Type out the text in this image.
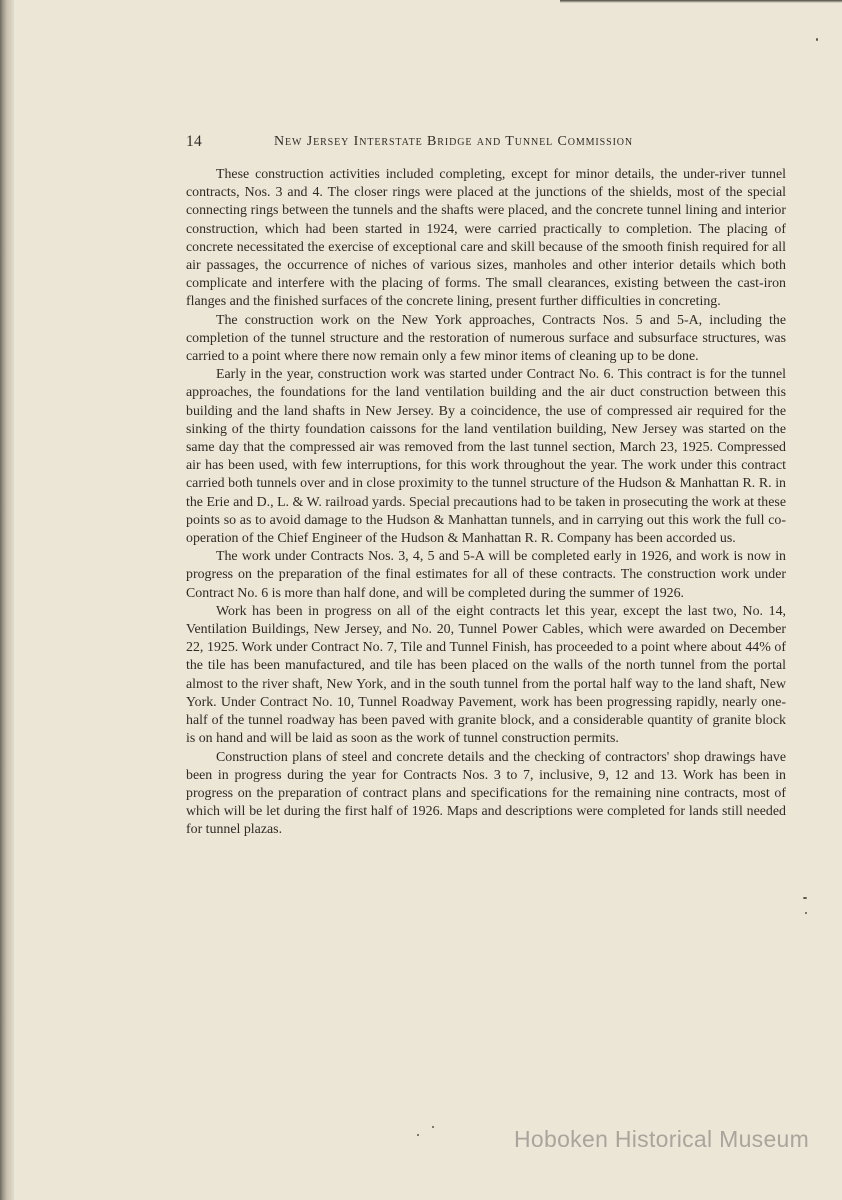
14	New Jersey Interstate Bridge and Tunnel Commission

These construction activities included completing, except for minor details, the under-river tunnel contracts, Nos. 3 and 4. The closer rings were placed at the junctions of the shields, most of the special connecting rings between the tunnels and the shafts were placed, and the concrete tunnel lining and interior construction, which had been started in 1924, were carried practically to completion. The placing of concrete necessitated the exercise of exceptional care and skill because of the smooth finish required for all air passages, the occurrence of niches of various sizes, manholes and other interior details which both complicate and interfere with the placing of forms. The small clearances, existing between the cast-iron flanges and the finished surfaces of the concrete lining, present further difficulties in concreting.

The construction work on the New York approaches, Contracts Nos. 5 and 5-A, including the completion of the tunnel structure and the restoration of numerous surface and subsurface structures, was carried to a point where there now remain only a few minor items of cleaning up to be done.

Early in the year, construction work was started under Contract No. 6. This contract is for the tunnel approaches, the foundations for the land ventilation building and the air duct construction between this building and the land shafts in New Jersey. By a coincidence, the use of compressed air required for the sinking of the thirty foundation caissons for the land ventilation building, New Jersey was started on the same day that the compressed air was removed from the last tunnel section, March 23, 1925. Compressed air has been used, with few interruptions, for this work throughout the year. The work under this contract carried both tunnels over and in close proximity to the tunnel structure of the Hudson & Manhattan R. R. in the Erie and D., L. & W. railroad yards. Special precautions had to be taken in prosecuting the work at these points so as to avoid damage to the Hudson & Manhattan tunnels, and in carrying out this work the full co-operation of the Chief Engineer of the Hudson & Manhattan R. R. Company has been accorded us.

The work under Contracts Nos. 3, 4, 5 and 5-A will be completed early in 1926, and work is now in progress on the preparation of the final estimates for all of these contracts. The construction work under Contract No. 6 is more than half done, and will be completed during the summer of 1926.

Work has been in progress on all of the eight contracts let this year, except the last two, No. 14, Ventilation Buildings, New Jersey, and No. 20, Tunnel Power Cables, which were awarded on December 22, 1925. Work under Contract No. 7, Tile and Tunnel Finish, has proceeded to a point where about 44% of the tile has been manufactured, and tile has been placed on the walls of the north tunnel from the portal almost to the river shaft, New York, and in the south tunnel from the portal half way to the land shaft, New York. Under Contract No. 10, Tunnel Roadway Pavement, work has been progressing rapidly, nearly one-half of the tunnel roadway has been paved with granite block, and a considerable quantity of granite block is on hand and will be laid as soon as the work of tunnel construction permits.

Construction plans of steel and concrete details and the checking of contractors' shop drawings have been in progress during the year for Contracts Nos. 3 to 7, inclusive, 9, 12 and 13. Work has been in progress on the preparation of contract plans and specifications for the remaining nine contracts, most of which will be let during the first half of 1926. Maps and descriptions were completed for lands still needed for tunnel plazas.

Hoboken Historical Museum
